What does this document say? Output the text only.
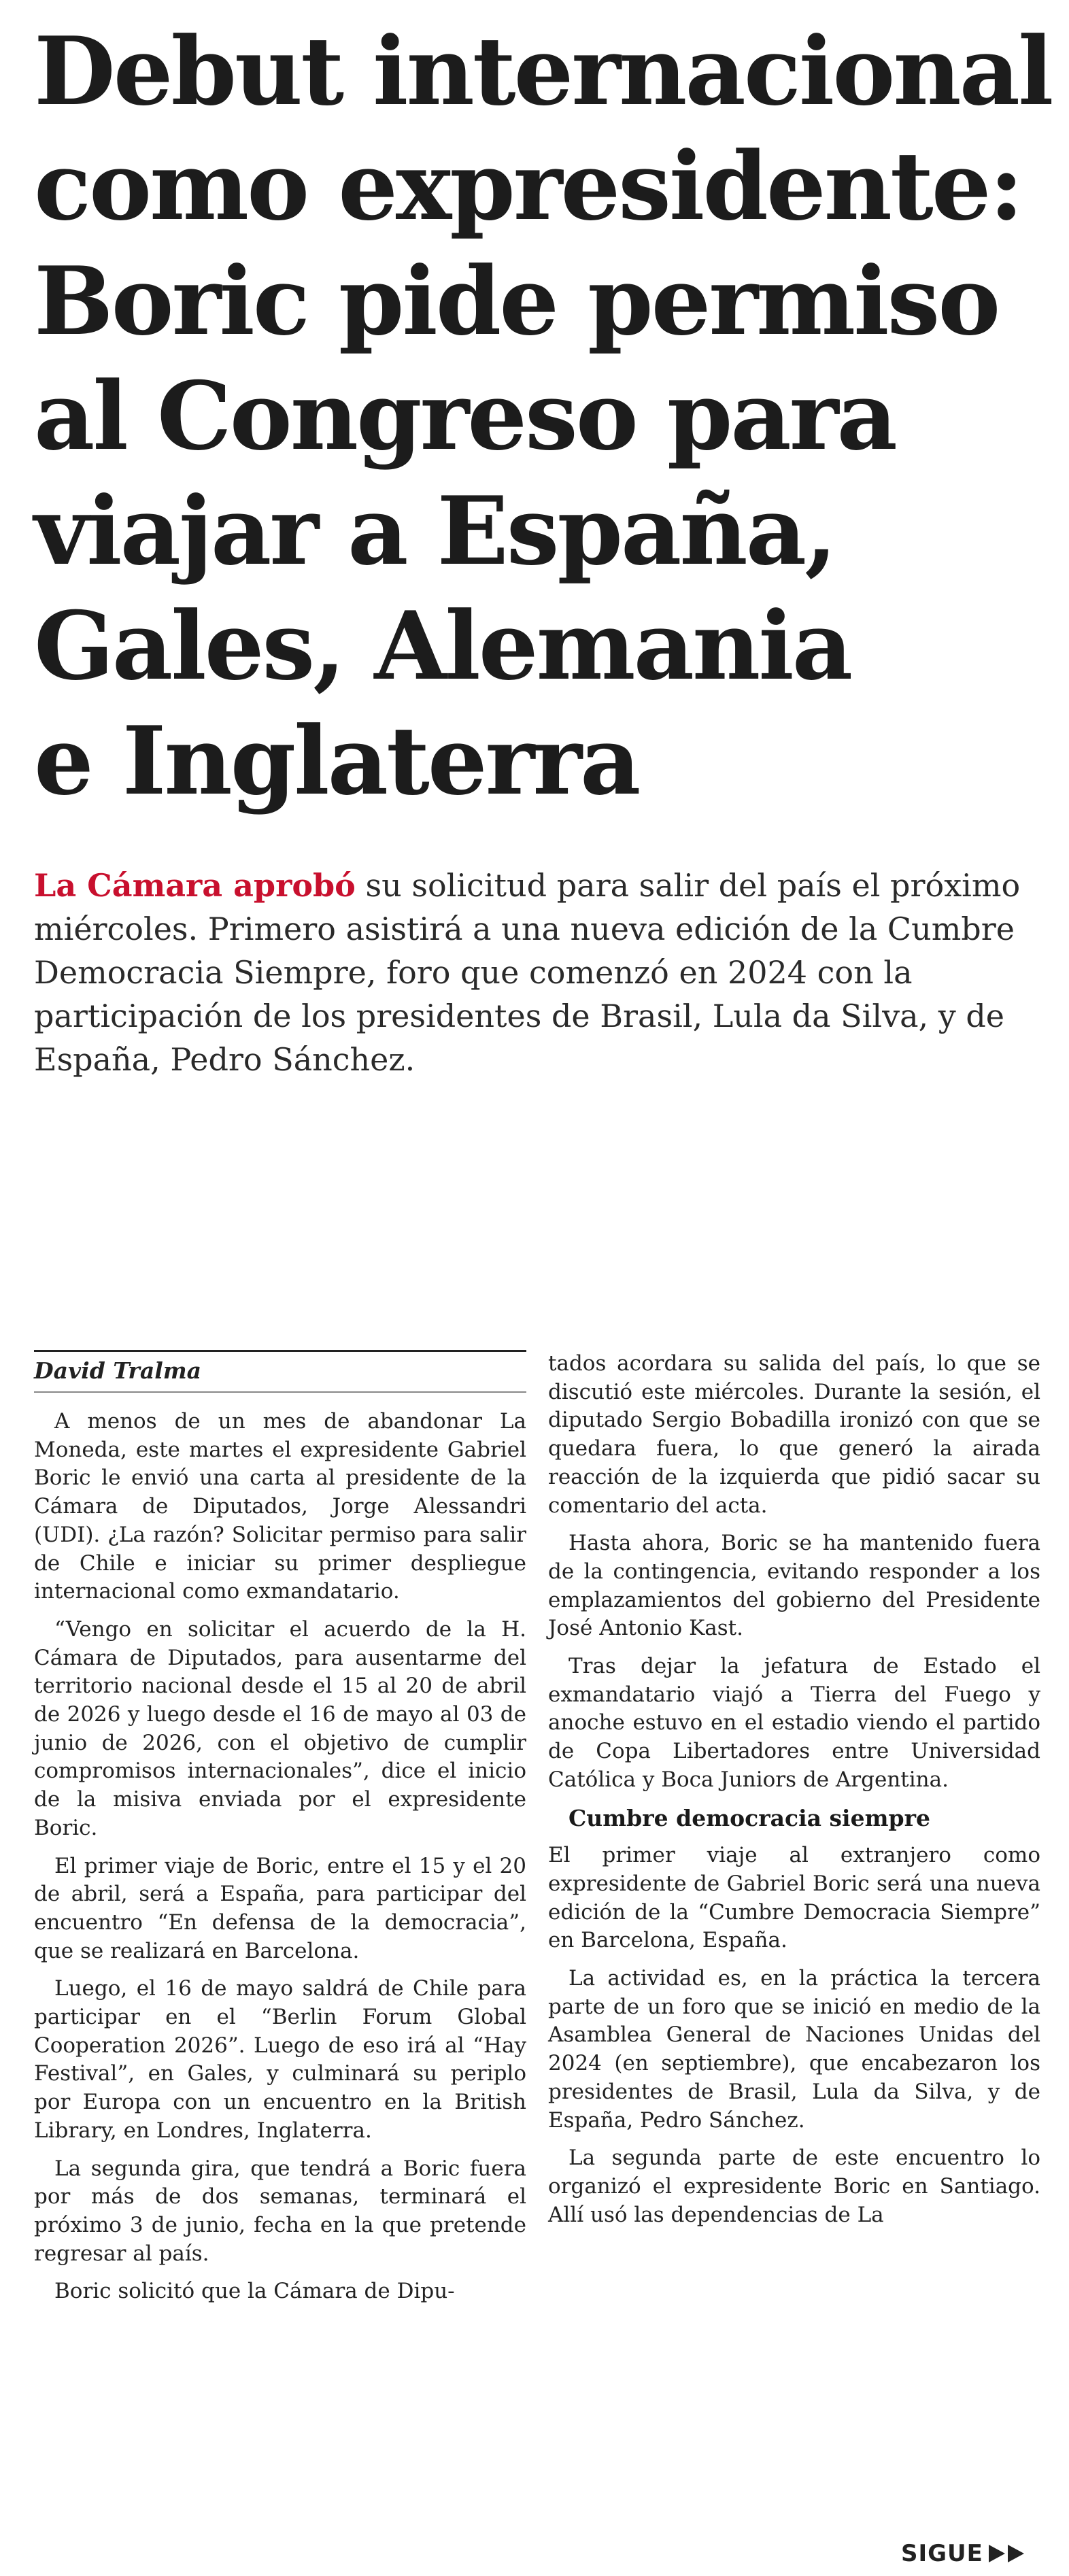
Debut internacional
como expresidente:
Boric pide permiso
al Congreso para
viajar a España,
Gales, Alemania
e Inglaterra

La Cámara aprobó su solicitud para salir del país el próximo miércoles. Primero asistirá a una nueva edición de la Cumbre Democracia Siempre, foro que comenzó en 2024 con la participación de los presidentes de Brasil, Lula da Silva, y de España, Pedro Sánchez.

David Tralma

A menos de un mes de abandonar La Moneda, este martes el expresidente Gabriel Boric le envió una carta al presidente de la Cámara de Diputados, Jorge Alessandri (UDI). ¿La razón? Solicitar permiso para salir de Chile e iniciar su primer despliegue internacional como exmandatario.

“Vengo en solicitar el acuerdo de la H. Cámara de Diputados, para ausentarme del territorio nacional desde el 15 al 20 de abril de 2026 y luego desde el 16 de mayo al 03 de junio de 2026, con el objetivo de cumplir compromisos internacionales”, dice el inicio de la misiva enviada por el expresidente Boric.

El primer viaje de Boric, entre el 15 y el 20 de abril, será a España, para participar del encuentro “En defensa de la democracia”, que se realizará en Barcelona.

Luego, el 16 de mayo saldrá de Chile para participar en el “Berlin Forum Global Cooperation 2026”. Luego de eso irá al “Hay Festival”, en Gales, y culminará su periplo por Europa con un encuentro en la British Library, en Londres, Inglaterra.

La segunda gira, que tendrá a Boric fuera por más de dos semanas, terminará el próximo 3 de junio, fecha en la que pretende regresar al país.

Boric solicitó que la Cámara de Dipu-

tados acordara su salida del país, lo que se discutió este miércoles. Durante la sesión, el diputado Sergio Bobadilla ironizó con que se quedara fuera, lo que generó la airada reacción de la izquierda que pidió sacar su comentario del acta.

Hasta ahora, Boric se ha mantenido fuera de la contingencia, evitando responder a los emplazamientos del gobierno del Presidente José Antonio Kast.

Tras dejar la jefatura de Estado el exmandatario viajó a Tierra del Fuego y anoche estuvo en el estadio viendo el partido de Copa Libertadores entre Universidad Católica y Boca Juniors de Argentina.

Cumbre democracia siempre

El primer viaje al extranjero como expresidente de Gabriel Boric será una nueva edición de la “Cumbre Democracia Siempre” en Barcelona, España.

La actividad es, en la práctica la tercera parte de un foro que se inició en medio de la Asamblea General de Naciones Unidas del 2024 (en septiembre), que encabezaron los presidentes de Brasil, Lula da Silva, y de España, Pedro Sánchez.

La segunda parte de este encuentro lo organizó el expresidente Boric en Santiago. Allí usó las dependencias de La

SIGUE
